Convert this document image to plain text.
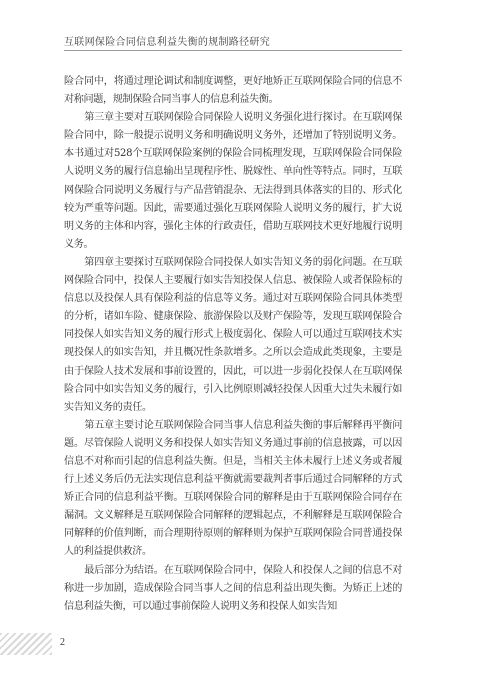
互联网保险合同信息利益失衡的规制路径研究

险合同中，将通过理论调试和制度调整，更好地矫正互联网保险合同的信息不对称问题，规制保险合同当事人的信息利益失衡。

第三章主要对互联网保险合同保险人说明义务强化进行探讨。在互联网保险合同中，除一般提示说明义务和明确说明义务外，还增加了特别说明义务。本书通过对528个互联网保险案例的保险合同梳理发现，互联网保险合同保险人说明义务的履行信息输出呈现程序性、脱嫁性、单向性等特点。同时，互联网保险合同说明义务履行与产品营销混杂、无法得到具体落实的目的、形式化较为严重等问题。因此，需要通过强化互联网保险人说明义务的履行，扩大说明义务的主体和内容，强化主体的行政责任，借助互联网技术更好地履行说明义务。

第四章主要探讨互联网保险合同投保人如实告知义务的弱化问题。在互联网保险合同中，投保人主要履行如实告知投保人信息、被保险人或者保险标的信息以及投保人具有保险利益的信息等义务。通过对互联网保险合同具体类型的分析，诸如车险、健康保险、旅游保险以及财产保险等，发现互联网保险合同投保人如实告知义务的履行形式上极度弱化、保险人可以通过互联网技术实现投保人的如实告知，并且概况性条款增多。之所以会造成此类现象，主要是由于保险人技术发展和事前设置的，因此，可以进一步弱化投保人在互联网保险合同中如实告知义务的履行，引入比例原则减轻投保人因重大过失未履行如实告知义务的责任。

第五章主要讨论互联网保险合同当事人信息利益失衡的事后解释再平衡问题。尽管保险人说明义务和投保人如实告知义务通过事前的信息披露，可以因信息不对称而引起的信息利益失衡。但是，当相关主体未履行上述义务或者履行上述义务后仍无法实现信息利益平衡就需要裁判者事后通过合同解释的方式矫正合同的信息利益平衡。互联网保险合同的解释是由于互联网保险合同存在漏洞。文义解释是互联网保险合同解释的逻辑起点，不利解释是互联网保险合同解释的价值判断，而合理期待原则的解释则为保护互联网保险合同普通投保人的利益提供救济。

最后部分为结语。在互联网保险合同中，保险人和投保人之间的信息不对称进一步加剧，造成保险合同当事人之间的信息利益出现失衡。为矫正上述的信息利益失衡，可以通过事前保险人说明义务和投保人如实告知

2
